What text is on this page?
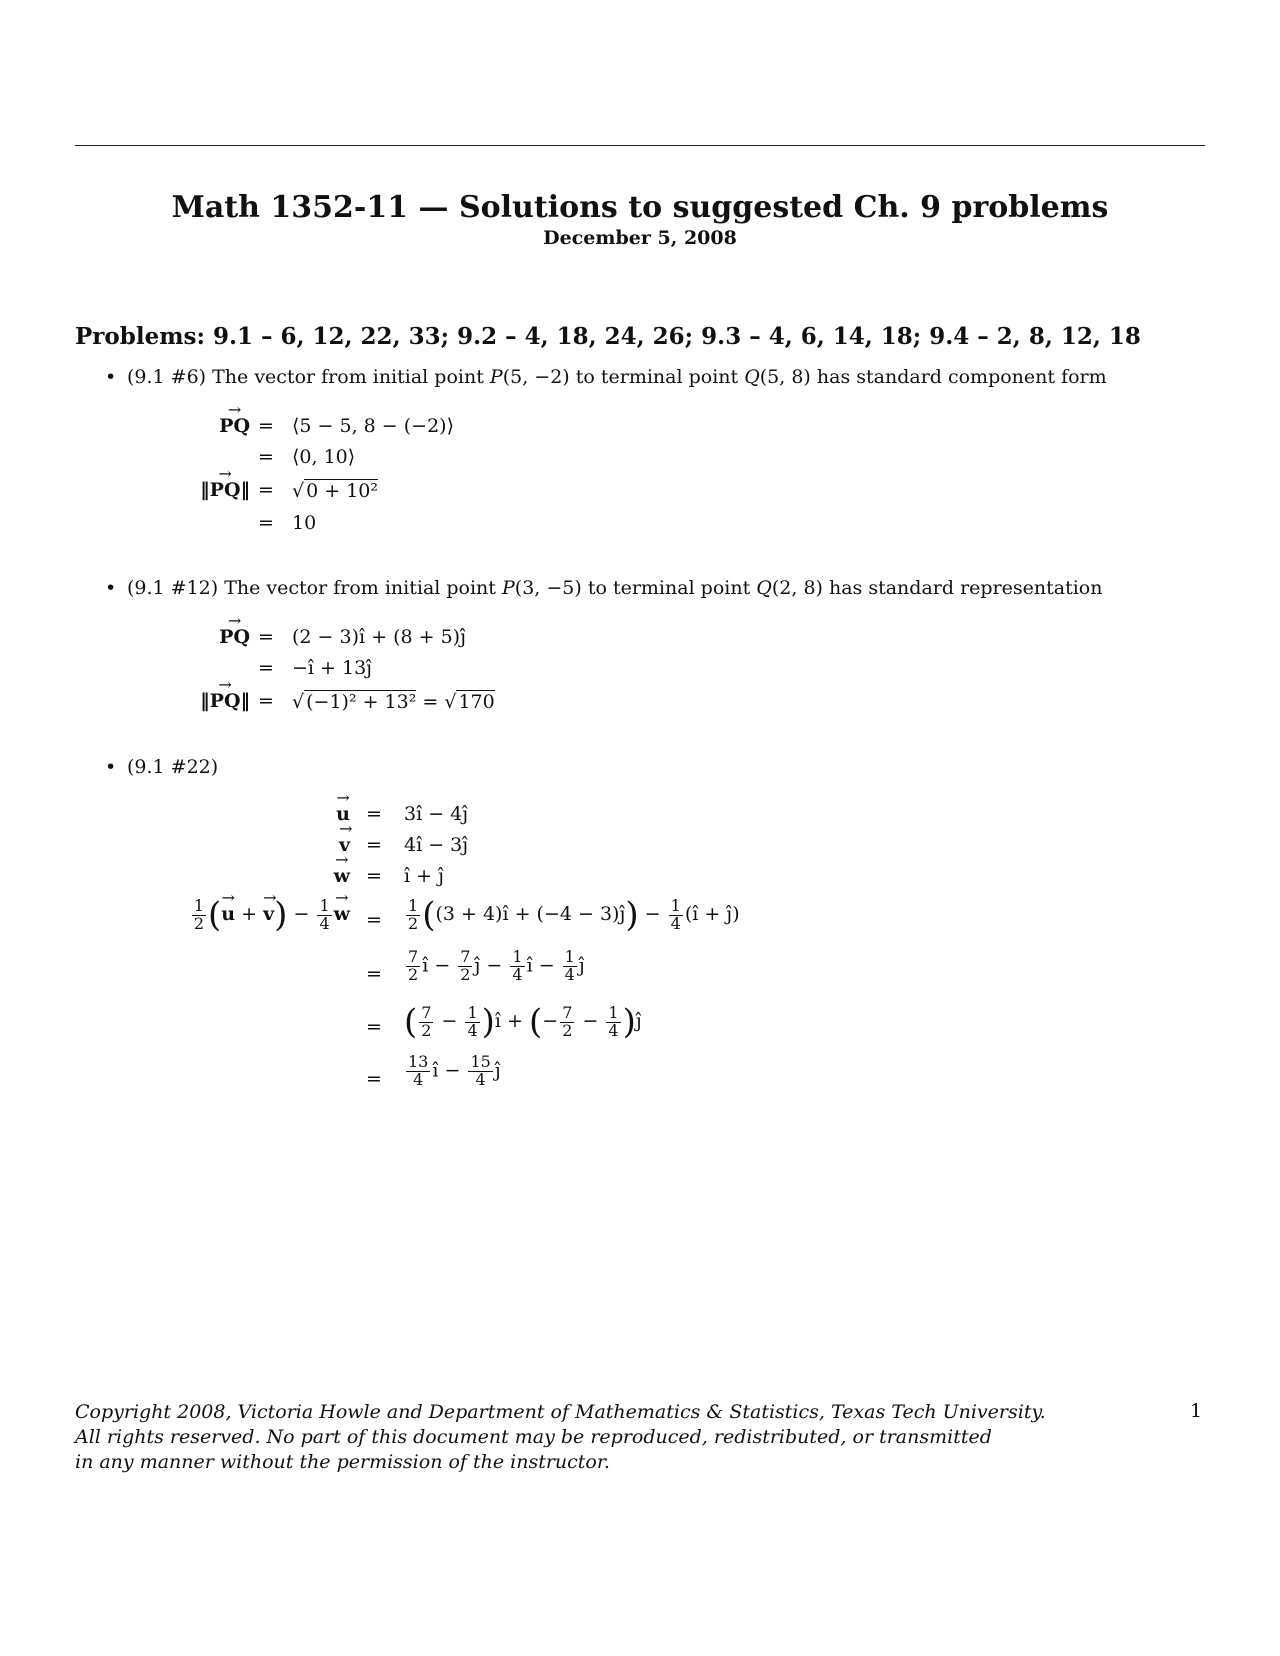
Math 1352-11 — Solutions to suggested Ch. 9 problems
December 5, 2008
Problems: 9.1 – 6, 12, 22, 33; 9.2 – 4, 18, 24, 26; 9.3 – 4, 6, 14, 18; 9.4 – 2, 8, 12, 18
• (9.1 #6) The vector from initial point P(5, −2) to terminal point Q(5, 8) has standard component form
→ PQ = ⟨5 − 5, 8 − (−2)⟩
= ⟨0, 10⟩
‖→ PQ‖ = √ 0 + 10²
= 10
• (9.1 #12) The vector from initial point P(3, −5) to terminal point Q(2, 8) has standard representation
→ PQ = (2 − 3)î + (8 + 5)ĵ
= −î + 13ĵ
‖→ PQ‖ = √ (−1)² + 13² = √ 170
• (9.1 #22)
→ u = 3î − 4ĵ
→ v = 4î − 3ĵ
→ w = î + ĵ
$\frac{1}{2}$ (→ u + → $v) - \frac{1}{4}$
→ $w = \frac{1}{2} ((3$ + 4)î + (−4 − 3)ĵ) − $\frac{1}{4}$ (î + ĵ)
= $\frac{7}{2}$ î − $\frac{7}{2}$ ĵ − $\frac{1}{4}$ î − $\frac{1}{4}$ ĵ
= ( $\frac{7}{2} - \frac{1}{4}$ )î + (− $\frac{7}{2} - \frac{1}{4}$ )ĵ
= $\frac{13}{4}$ î − $\frac{15}{4}$ ĵ
Copyright 2008, Victoria Howle and Department of Mathematics & Statistics, Texas Tech University.
All rights reserved. No part of this document may be reproduced, redistributed, or transmitted
in any manner without the permission of the instructor.
1
